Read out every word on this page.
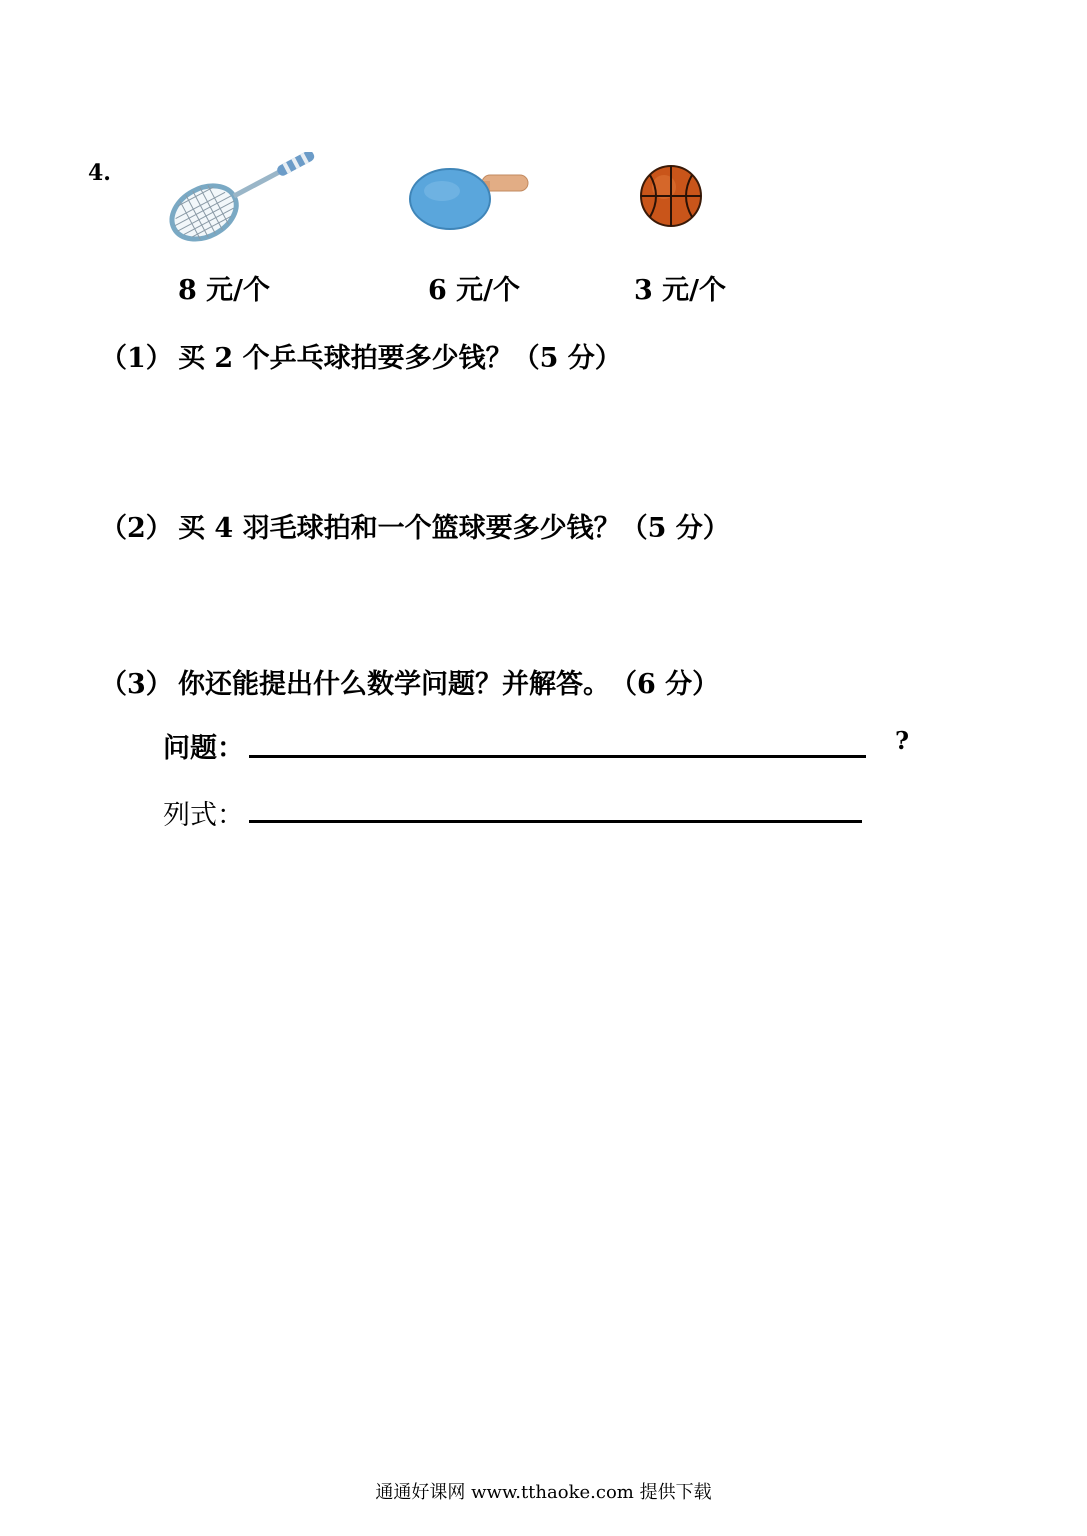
4.
8 元/个	6 元/个	3 元/个
（1） 买 2 个乒乓球拍要多少钱？（5 分）
（2） 买 4 羽毛球拍和一个篮球要多少钱？（5 分）
（3） 你还能提出什么数学问题？并解答。　（6 分）
问题：	?
列式：
通通好课网 www.tthaoke.com 提供下载
